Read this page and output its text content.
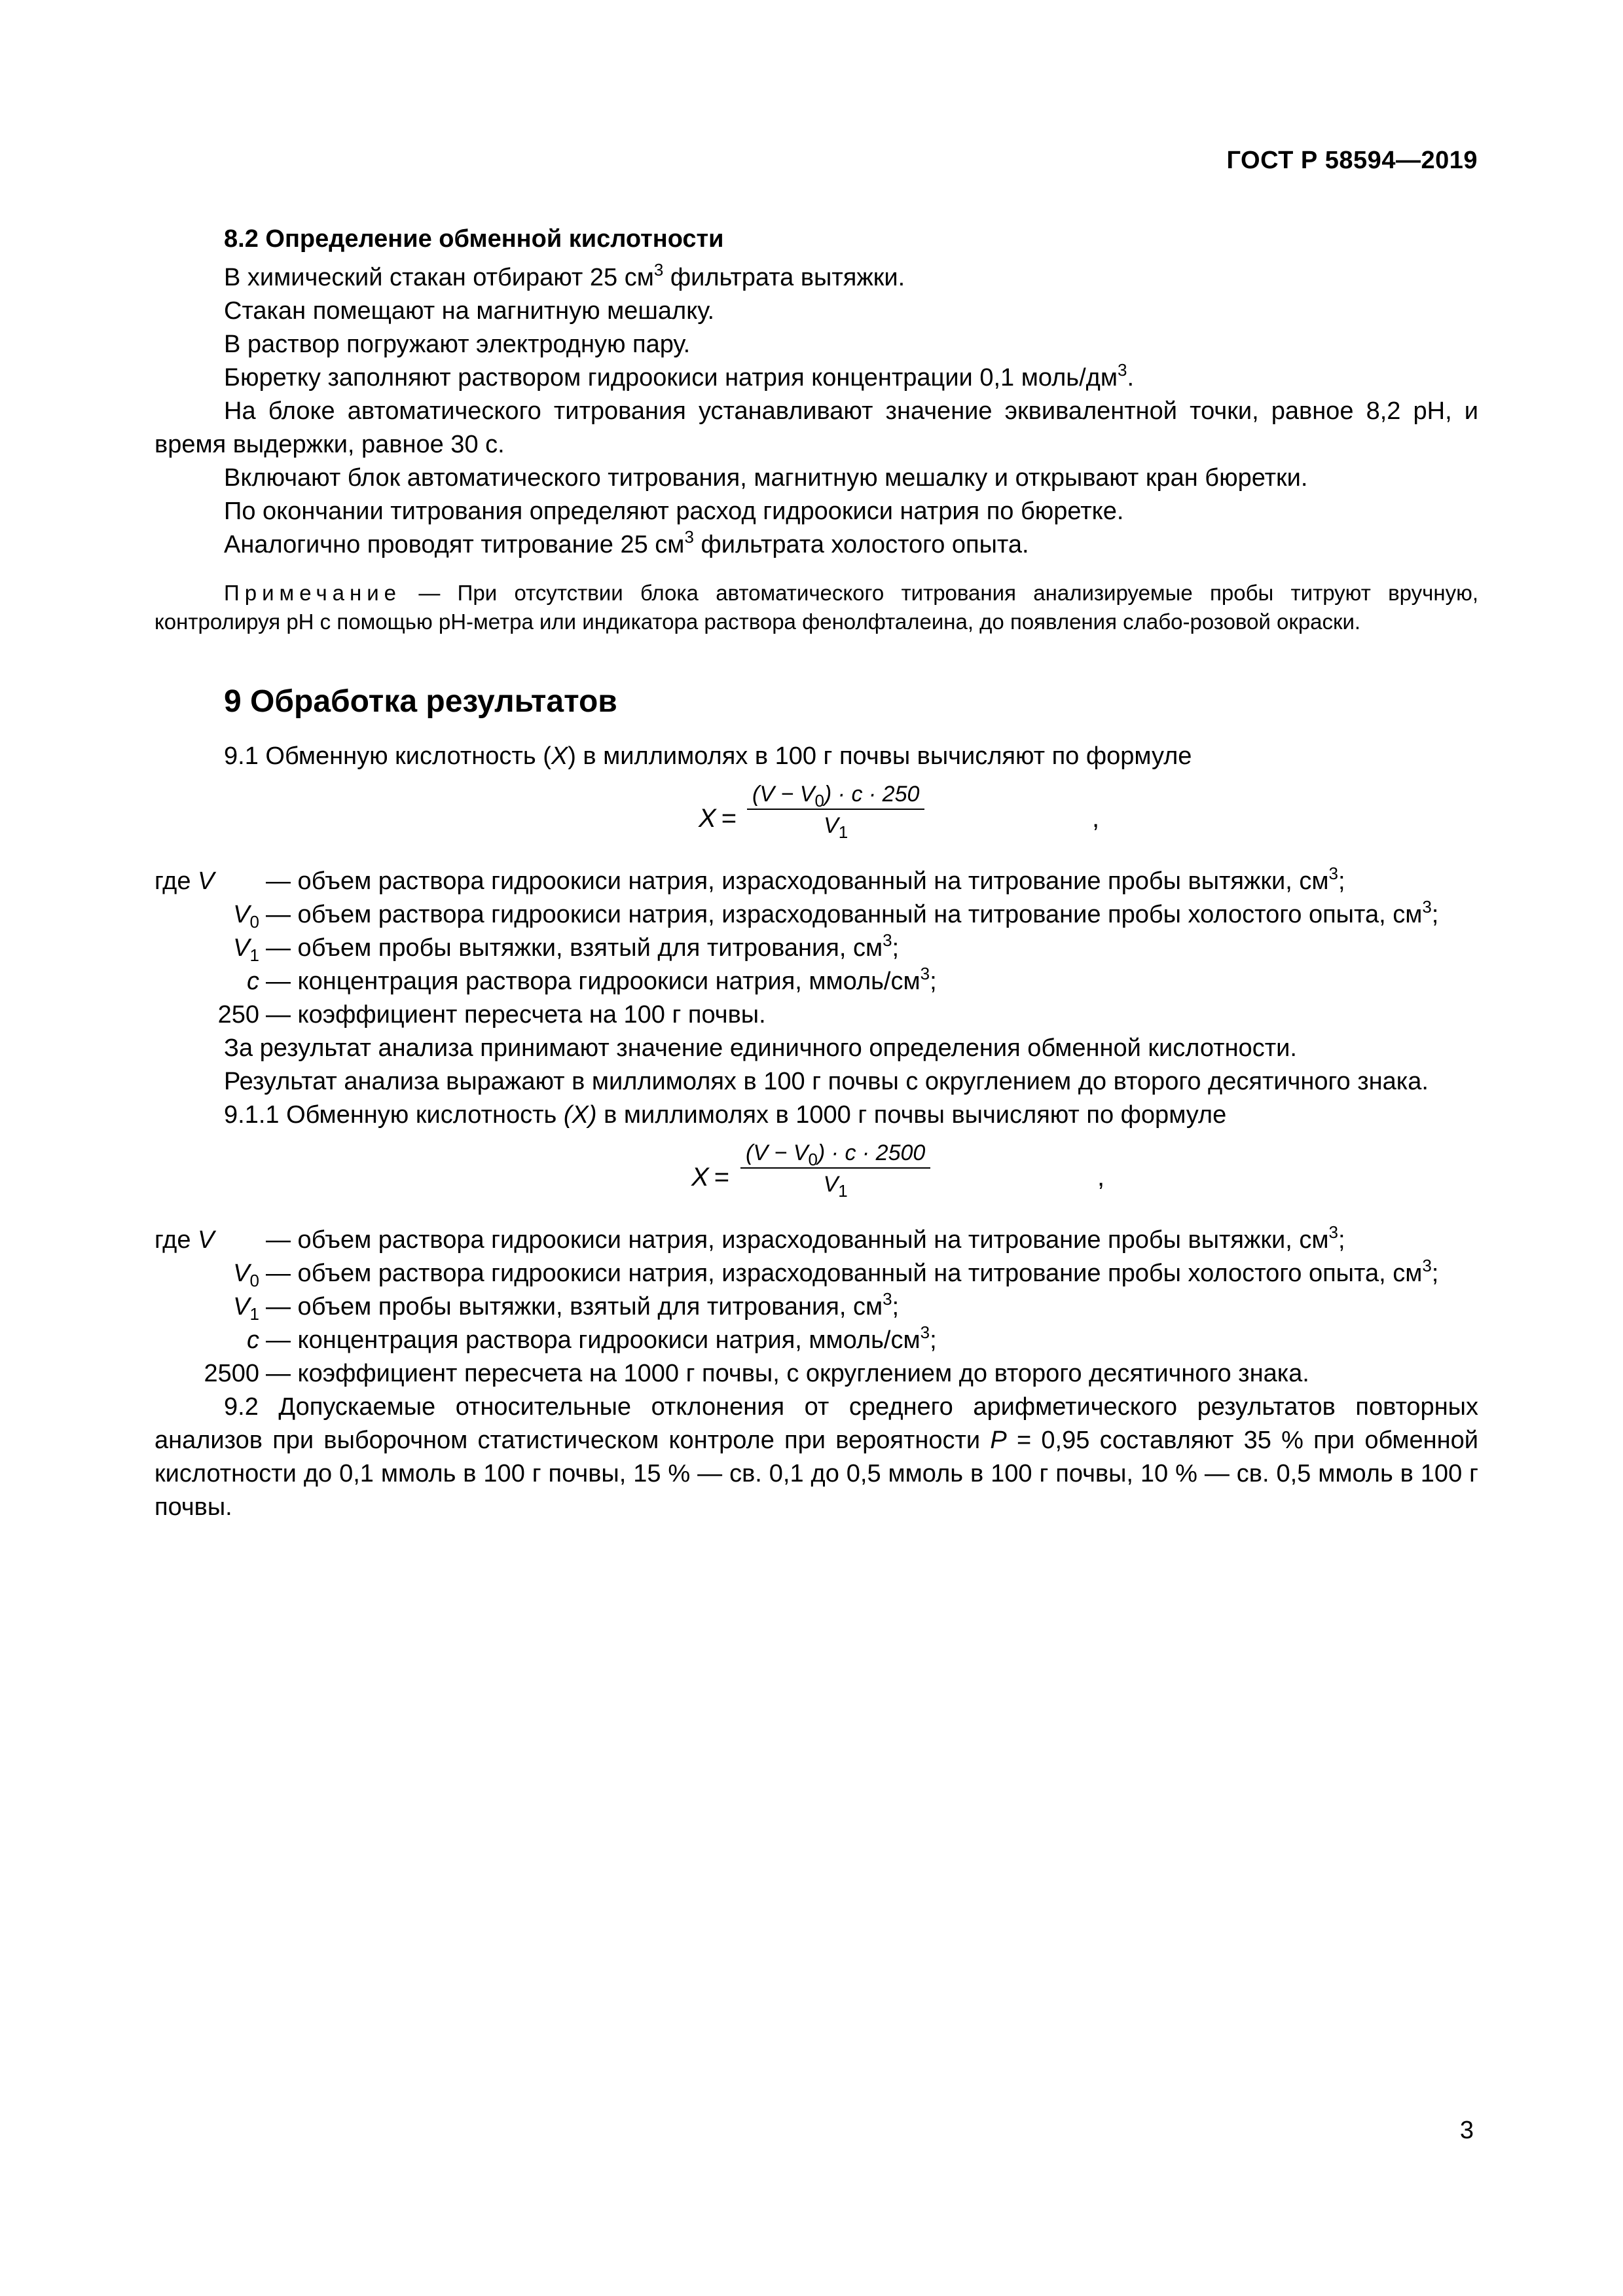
ГОСТ Р 58594—2019

8.2 Определение обменной кислотности

В химический стакан отбирают 25 $см^3$ фильтрата вытяжки.

Стакан помещают на магнитную мешалку.

В раствор погружают электродную пару.

Бюретку заполняют раствором гидроокиси натрия концентрации 0,1 моль/$дм^3$.

На блоке автоматического титрования устанавливают значение эквивалентной точки, равное 8,2 pH, и время выдержки, равное 30 с.

Включают блок автоматического титрования, магнитную мешалку и открывают кран бюретки.

По окончании титрования определяют расход гидроокиси натрия по бюретке.

Аналогично проводят титрование 25 $см^3$ фильтрата холостого опыта.

Примечание — При отсутствии блока автоматического титрования анализируемые пробы титруют вручную, контролируя pH с помощью pH-метра или индикатора раствора фенолфталеина, до появления слабо-розовой окраски.

9 Обработка результатов

9.1 Обменную кислотность (X) в миллимолях в 100 г почвы вычисляют по формуле

$X = \frac{(V - V_0) \cdot c \cdot 250}{V_1}$	,
где V	— объем раствора гидроокиси натрия, израсходованный на титрование пробы вытяжки, $см^3$;
$V_0$ — объем раствора гидроокиси натрия, израсходованный на титрование пробы холостого опыта, $см^3$;
$V_1$ — объем пробы вытяжки, взятый для титрования, $см^3$;
c — концентрация раствора гидроокиси натрия, ммоль/$см^3$;
250 — коэффициент пересчета на 100 г почвы.

За результат анализа принимают значение единичного определения обменной кислотности.

Результат анализа выражают в миллимолях в 100 г почвы с округлением до второго десятичного знака.

9.1.1 Обменную кислотность (X) в миллимолях в 1000 г почвы вычисляют по формуле

$X = \frac{(V - V_0) \cdot c \cdot 2500}{V_1}$	,
где V	— объем раствора гидроокиси натрия, израсходованный на титрование пробы вытяжки, $см^3$;
$V_0$ — объем раствора гидроокиси натрия, израсходованный на титрование пробы холостого опыта, $см^3$;
$V_1$ — объем пробы вытяжки, взятый для титрования, $см^3$;
c — концентрация раствора гидроокиси натрия, ммоль/$см^3$;
2500 — коэффициент пересчета на 1000 г почвы, с округлением до второго десятичного знака.

9.2 Допускаемые относительные отклонения от среднего арифметического результатов повторных анализов при выборочном статистическом контроле при вероятности P = 0,95 составляют 35 % при обменной кислотности до 0,1 ммоль в 100 г почвы, 15 % — св. 0,1 до 0,5 ммоль в 100 г почвы, 10 % — св. 0,5 ммоль в 100 г почвы.

3
